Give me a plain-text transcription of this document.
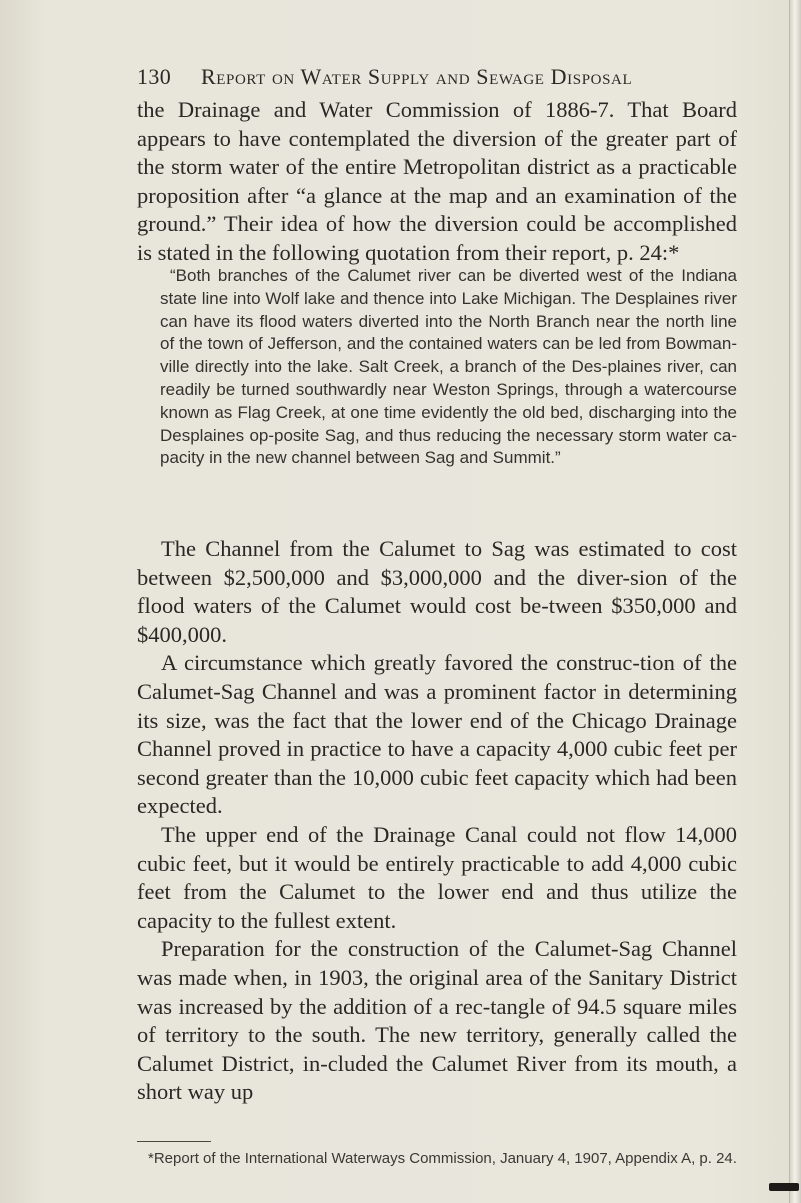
130 Report on Water Supply and Sewage Disposal

the Drainage and Water Commission of 1886-7. That Board appears to have contemplated the diversion of the greater part of the storm water of the entire Metropolitan district as a practicable proposition after “a glance at the map and an examination of the ground.” Their idea of how the diversion could be accomplished is stated in the following quotation from their report, p. 24:*

“Both branches of the Calumet river can be diverted west of the Indiana state line into Wolf lake and thence into Lake Michigan. The Desplaines river can have its flood waters diverted into the North Branch near the north line of the town of Jefferson, and the contained waters can be led from Bowman-ville directly into the lake. Salt Creek, a branch of the Des-plaines river, can readily be turned southwardly near Weston Springs, through a watercourse known as Flag Creek, at one time evidently the old bed, discharging into the Desplaines op-posite Sag, and thus reducing the necessary storm water ca-pacity in the new channel between Sag and Summit.”

The Channel from the Calumet to Sag was estimated to cost between $2,500,000 and $3,000,000 and the diver-sion of the flood waters of the Calumet would cost be-tween $350,000 and $400,000.

A circumstance which greatly favored the construc-tion of the Calumet-Sag Channel and was a prominent factor in determining its size, was the fact that the lower end of the Chicago Drainage Channel proved in practice to have a capacity 4,000 cubic feet per second greater than the 10,000 cubic feet capacity which had been expected.

The upper end of the Drainage Canal could not flow 14,000 cubic feet, but it would be entirely practicable to add 4,000 cubic feet from the Calumet to the lower end and thus utilize the capacity to the fullest extent.

Preparation for the construction of the Calumet-Sag Channel was made when, in 1903, the original area of the Sanitary District was increased by the addition of a rec-tangle of 94.5 square miles of territory to the south. The new territory, generally called the Calumet District, in-cluded the Calumet River from its mouth, a short way up

*Report of the International Waterways Commission, January 4, 1907, Appendix A, p. 24.
